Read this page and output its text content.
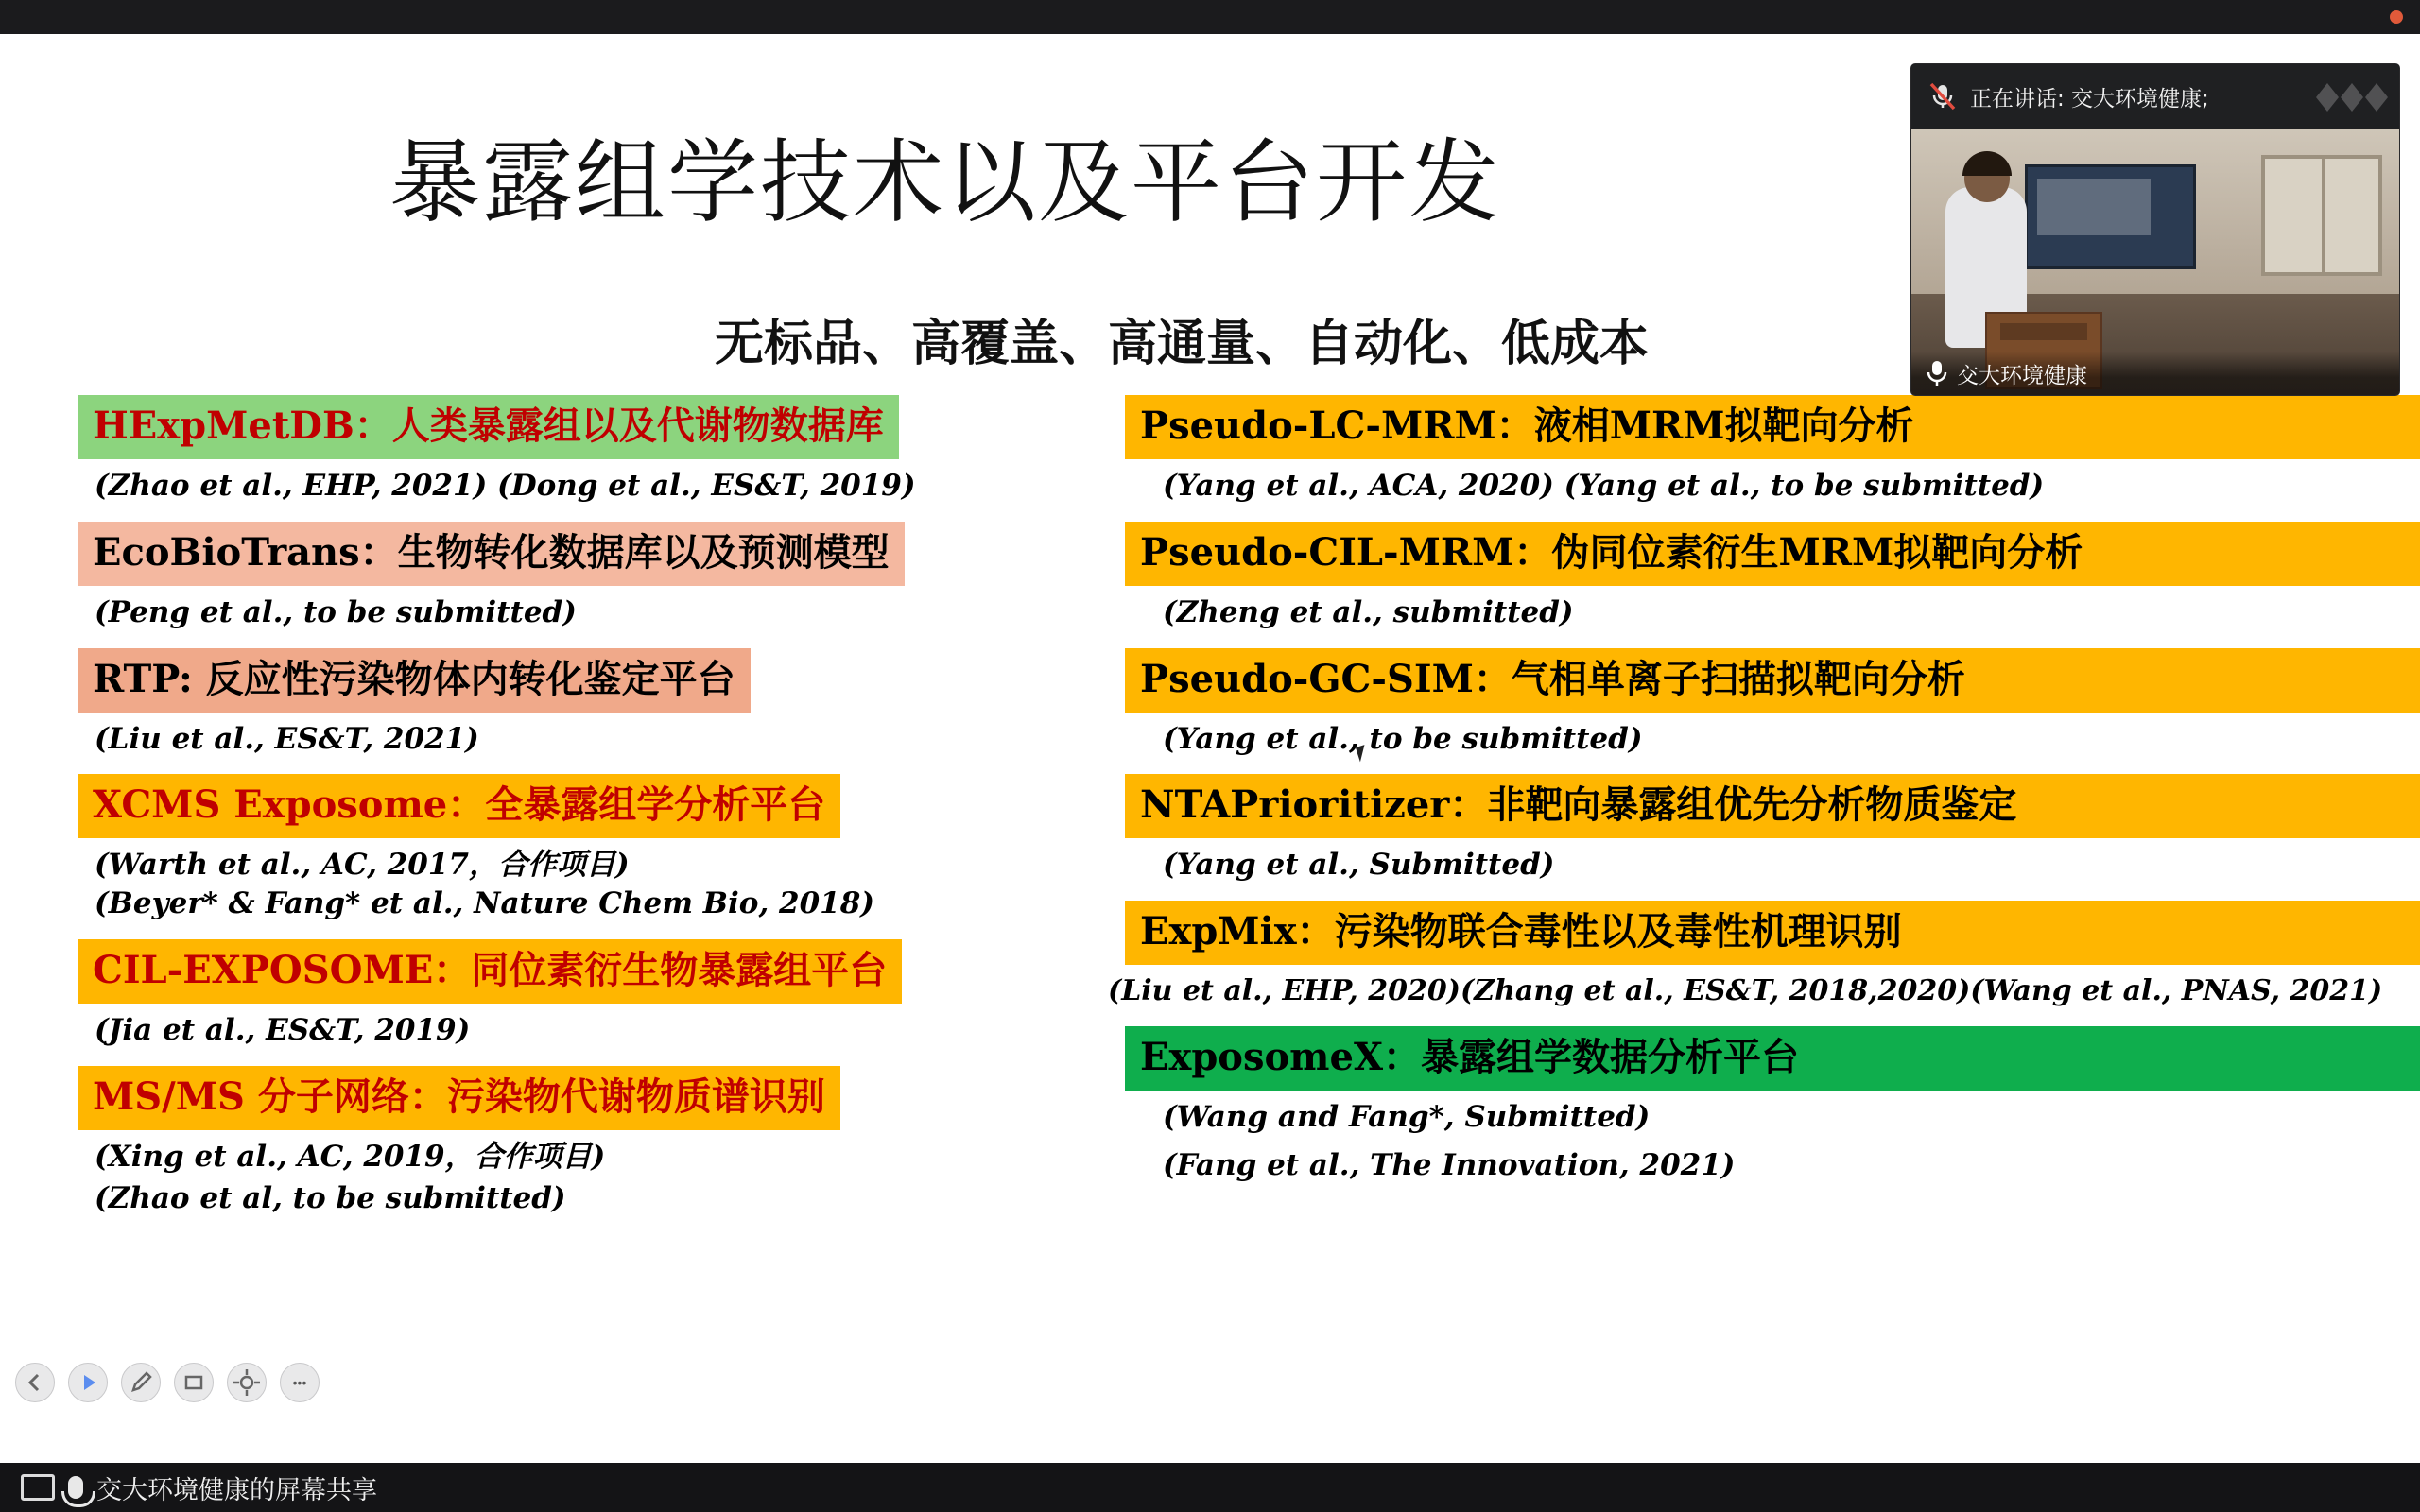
暴露组学技术以及平台开发
无标品、高覆盖、高通量、自动化、低成本
HExpMetDB：人类暴露组以及代谢物数据库
(Zhao et al., EHP, 2021) (Dong et al., ES&T, 2019)
EcoBioTrans：生物转化数据库以及预测模型
(Peng et al., to be submitted)
RTP: 反应性污染物体内转化鉴定平台
(Liu et al., ES&T, 2021)
XCMS Exposome：全暴露组学分析平台
(Warth et al., AC, 2017，合作项目)
(Beyer* & Fang* et al., Nature Chem Bio, 2018)
CIL-EXPOSOME：同位素衍生物暴露组平台
(Jia et al., ES&T, 2019)
MS/MS 分子网络：污染物代谢物质谱识别
(Xing et al., AC, 2019，合作项目)
(Zhao et al, to be submitted)
Pseudo-LC-MRM：液相MRM拟靶向分析
(Yang et al., ACA, 2020) (Yang et al., to be submitted)
Pseudo-CIL-MRM：伪同位素衍生MRM拟靶向分析
(Zheng et al., submitted)
Pseudo-GC-SIM：气相单离子扫描拟靶向分析
(Yang et al., to be submitted)
NTAPrioritizer：非靶向暴露组优先分析物质鉴定
(Yang et al., Submitted)
ExpMix：污染物联合毒性以及毒性机理识别
(Liu et al., EHP, 2020)(Zhang et al., ES&T, 2018,2020)(Wang et al., PNAS, 2021)
ExposomeX：暴露组学数据分析平台
(Wang and Fang*, Submitted)
(Fang et al., The Innovation, 2021)
•••
正在讲话: 交大环境健康;
交大环境健康
交大环境健康的屏幕共享
